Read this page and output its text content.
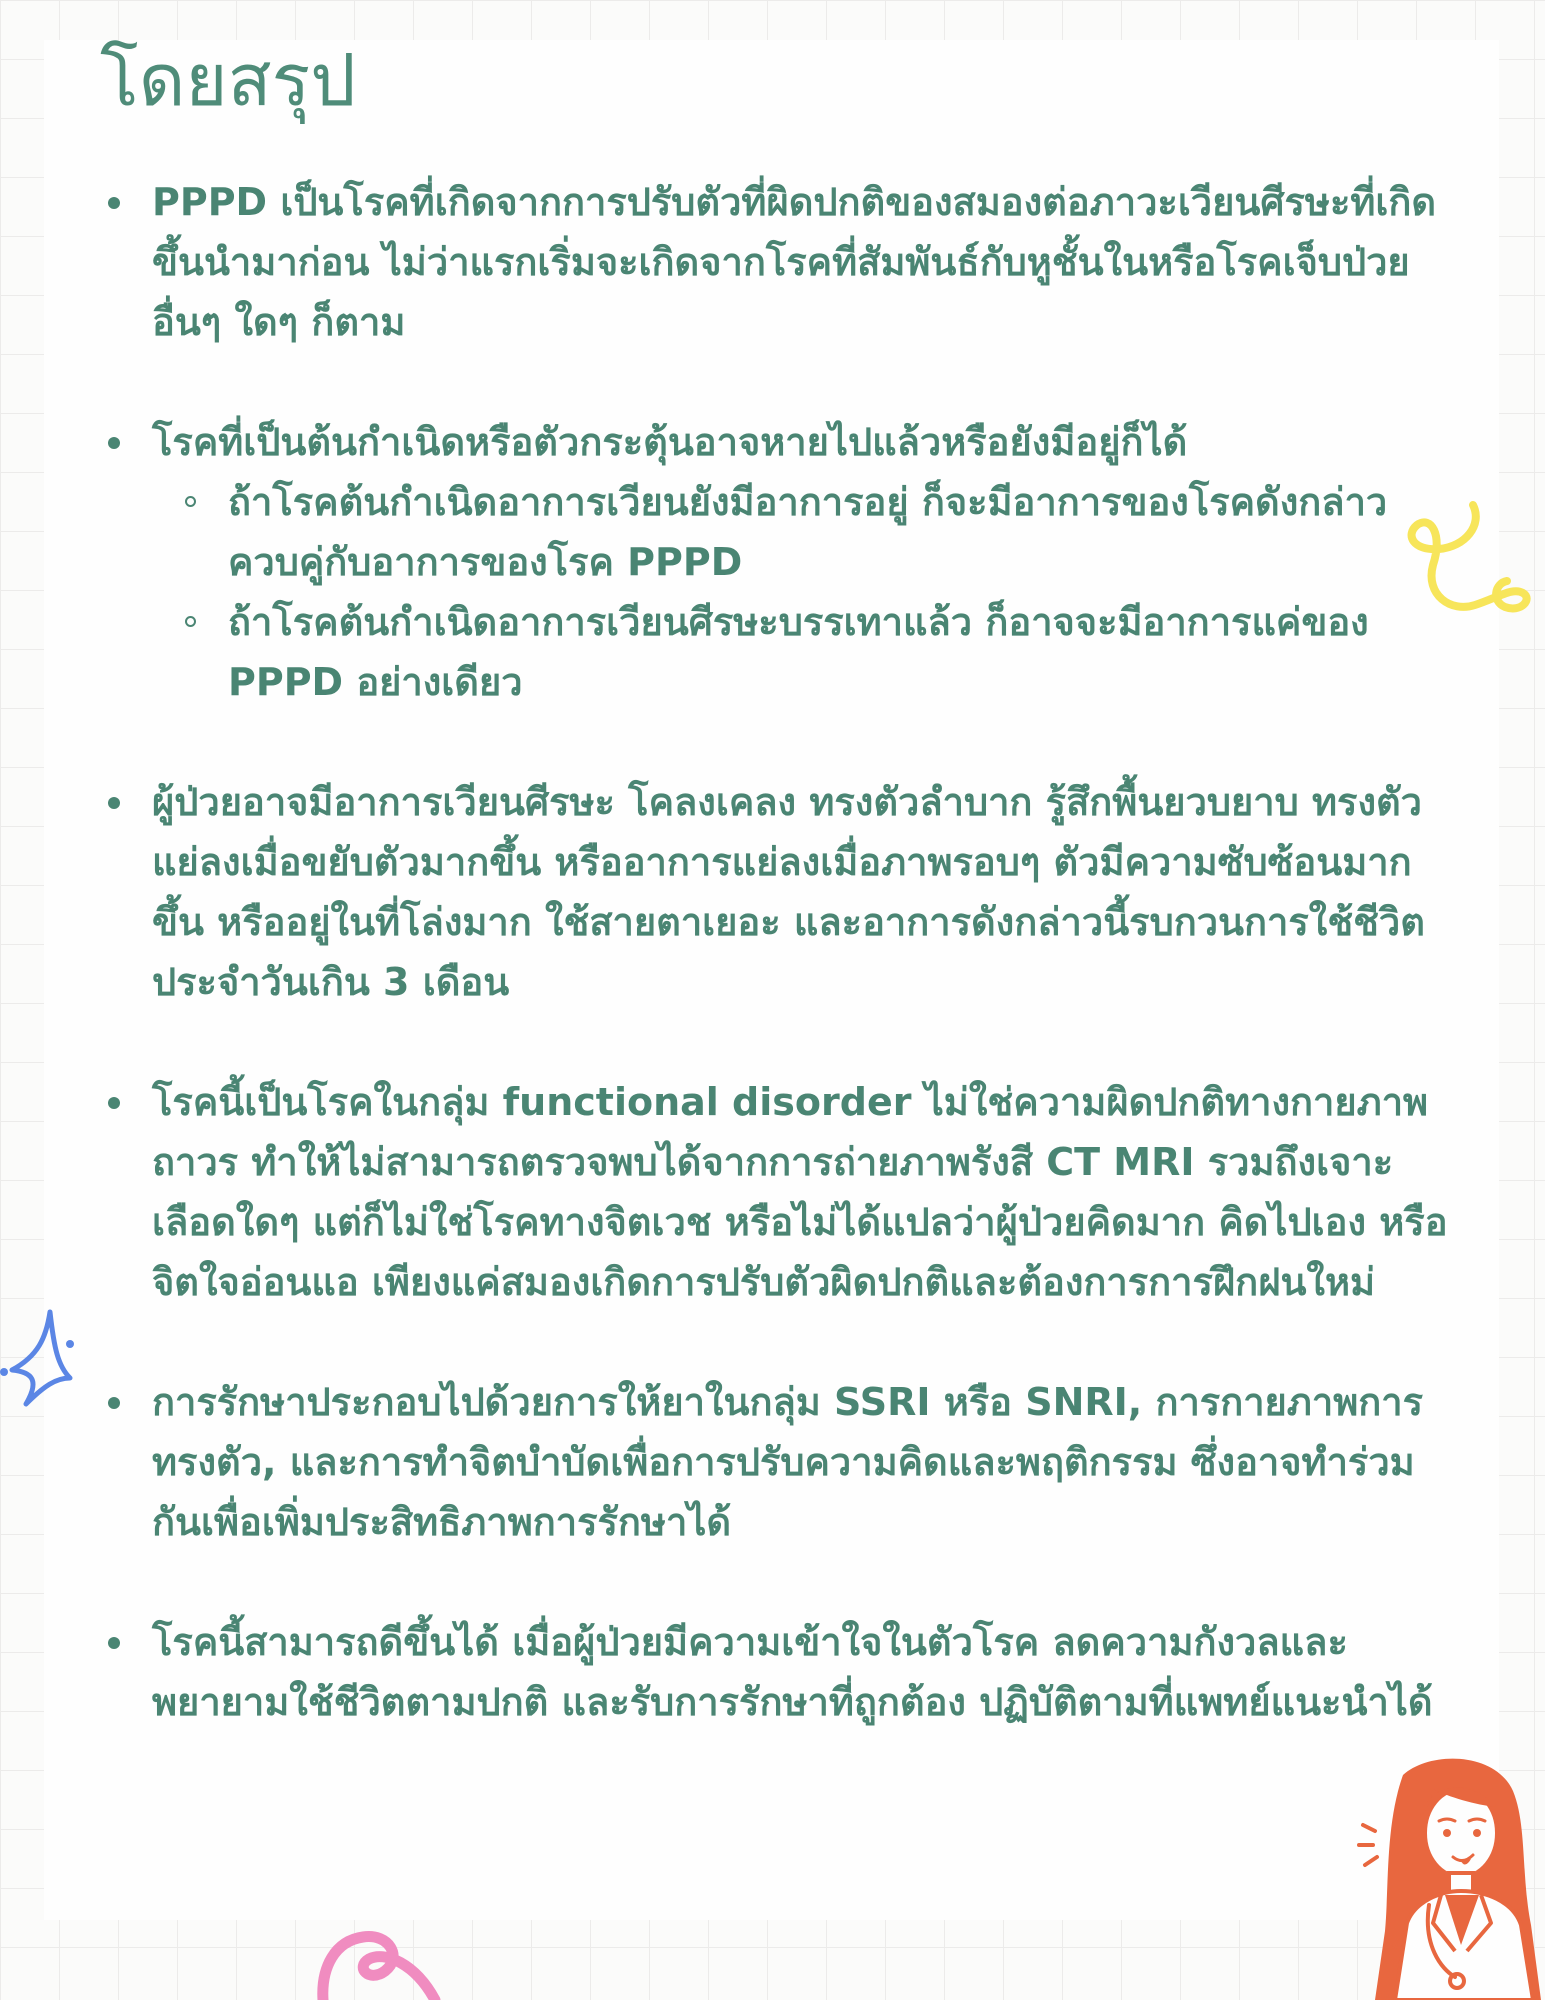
โดยสรุป
PPPD เป็นโรคที่เกิดจากการปรับตัวที่ผิดปกติของสมองต่อภาวะเวียนศีรษะที่เกิดขึ้นนำมาก่อน ไม่ว่าแรกเริ่มจะเกิดจากโรคที่สัมพันธ์กับหูชั้นในหรือโรคเจ็บป่วยอื่นๆ ใดๆ ก็ตาม
โรคที่เป็นต้นกำเนิดหรือตัวกระตุ้นอาจหายไปแล้วหรือยังมีอยู่ก็ได้
ถ้าโรคต้นกำเนิดอาการเวียนยังมีอาการอยู่ ก็จะมีอาการของโรคดังกล่าว ควบคู่กับอาการของโรค PPPD
ถ้าโรคต้นกำเนิดอาการเวียนศีรษะบรรเทาแล้ว ก็อาจจะมีอาการแค่ของ PPPD อย่างเดียว
ผู้ป่วยอาจมีอาการเวียนศีรษะ โคลงเคลง ทรงตัวลำบาก รู้สึกพื้นยวบยาบ ทรงตัวแย่ลงเมื่อขยับตัวมากขึ้น หรืออาการแย่ลงเมื่อภาพรอบๆ ตัวมีความซับซ้อนมากขึ้น หรืออยู่ในที่โล่งมาก ใช้สายตาเยอะ และอาการดังกล่าวนี้รบกวนการใช้ชีวิตประจำวันเกิน 3 เดือน
โรคนี้เป็นโรคในกลุ่ม functional disorder ไม่ใช่ความผิดปกติทางกายภาพถาวร ทำให้ไม่สามารถตรวจพบได้จากการถ่ายภาพรังสี CT MRI รวมถึงเจาะเลือดใดๆ แต่ก็ไม่ใช่โรคทางจิตเวช หรือไม่ได้แปลว่าผู้ป่วยคิดมาก คิดไปเอง หรือจิตใจอ่อนแอ เพียงแค่สมองเกิดการปรับตัวผิดปกติและต้องการการฝึกฝนใหม่
การรักษาประกอบไปด้วยการให้ยาในกลุ่ม SSRI หรือ SNRI, การกายภาพการทรงตัว, และการทำจิตบำบัดเพื่อการปรับความคิดและพฤติกรรม ซึ่งอาจทำร่วมกันเพื่อเพิ่มประสิทธิภาพการรักษาได้
โรคนี้สามารถดีขึ้นได้ เมื่อผู้ป่วยมีความเข้าใจในตัวโรค ลดความกังวลและพยายามใช้ชีวิตตามปกติ และรับการรักษาที่ถูกต้อง ปฏิบัติตามที่แพทย์แนะนำได้
